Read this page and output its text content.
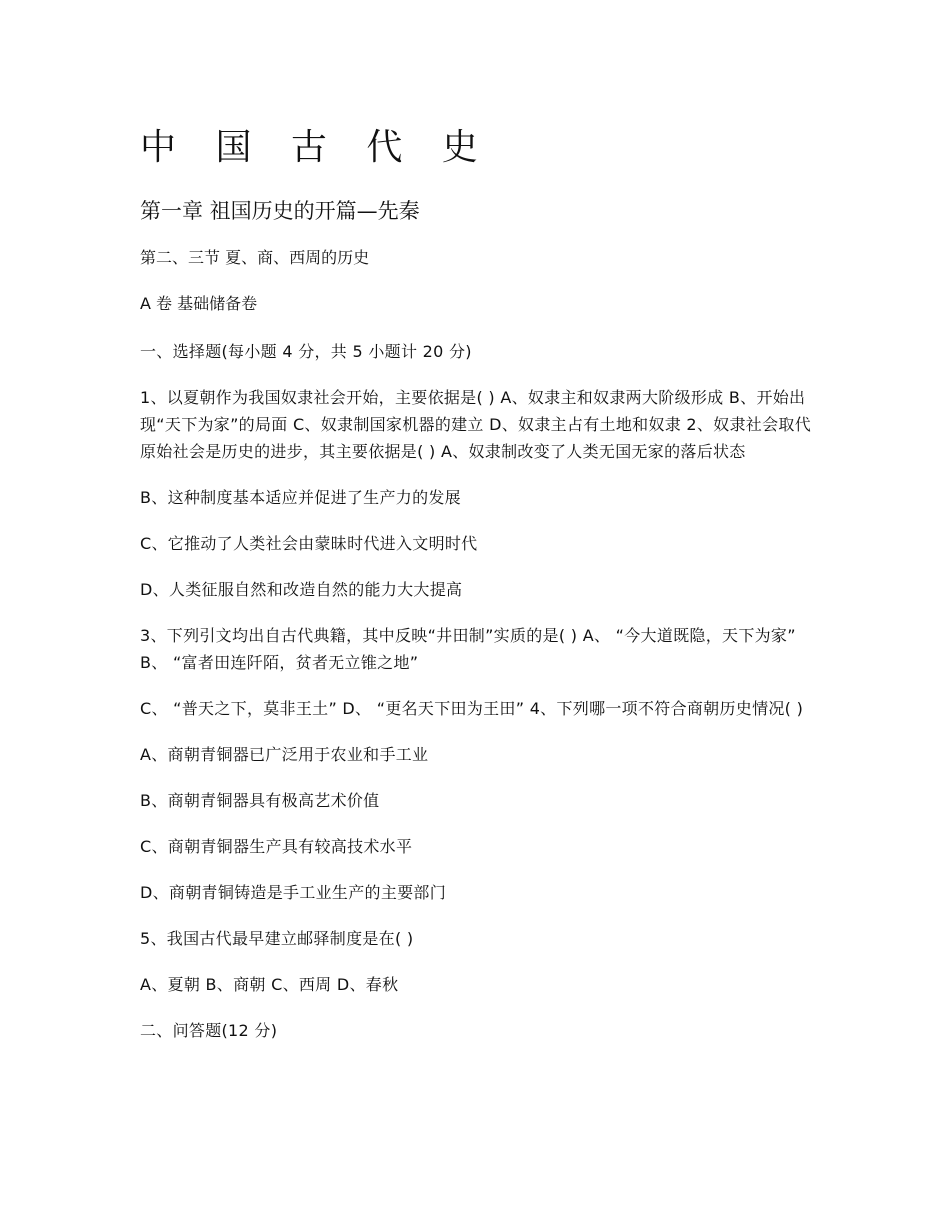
中 国 古 代 史
第一章 祖国历史的开篇—先秦
第二、三节 夏、商、西周的历史
A 卷 基础储备卷
一、选择题(每小题 4 分，共 5 小题计 20 分)
1、以夏朝作为我国奴隶社会开始，主要依据是( ) A、奴隶主和奴隶两大阶级形成 B、开始出现“天下为家”的局面 C、奴隶制国家机器的建立 D、奴隶主占有土地和奴隶 2、奴隶社会取代原始社会是历史的进步，其主要依据是( ) A、奴隶制改变了人类无国无家的落后状态
B、这种制度基本适应并促进了生产力的发展
C、它推动了人类社会由蒙昧时代进入文明时代
D、人类征服自然和改造自然的能力大大提高
3、下列引文均出自古代典籍，其中反映“井田制”实质的是( ) A、 “今大道既隐，天下为家” B、 “富者田连阡陌，贫者无立锥之地”
C、 “普天之下，莫非王土” D、 “更名天下田为王田” 4、下列哪一项不符合商朝历史情况( )
A、商朝青铜器已广泛用于农业和手工业
B、商朝青铜器具有极高艺术价值
C、商朝青铜器生产具有较高技术水平
D、商朝青铜铸造是手工业生产的主要部门
5、我国古代最早建立邮驿制度是在( )
A、夏朝 B、商朝 C、西周 D、春秋
二、问答题(12 分)
